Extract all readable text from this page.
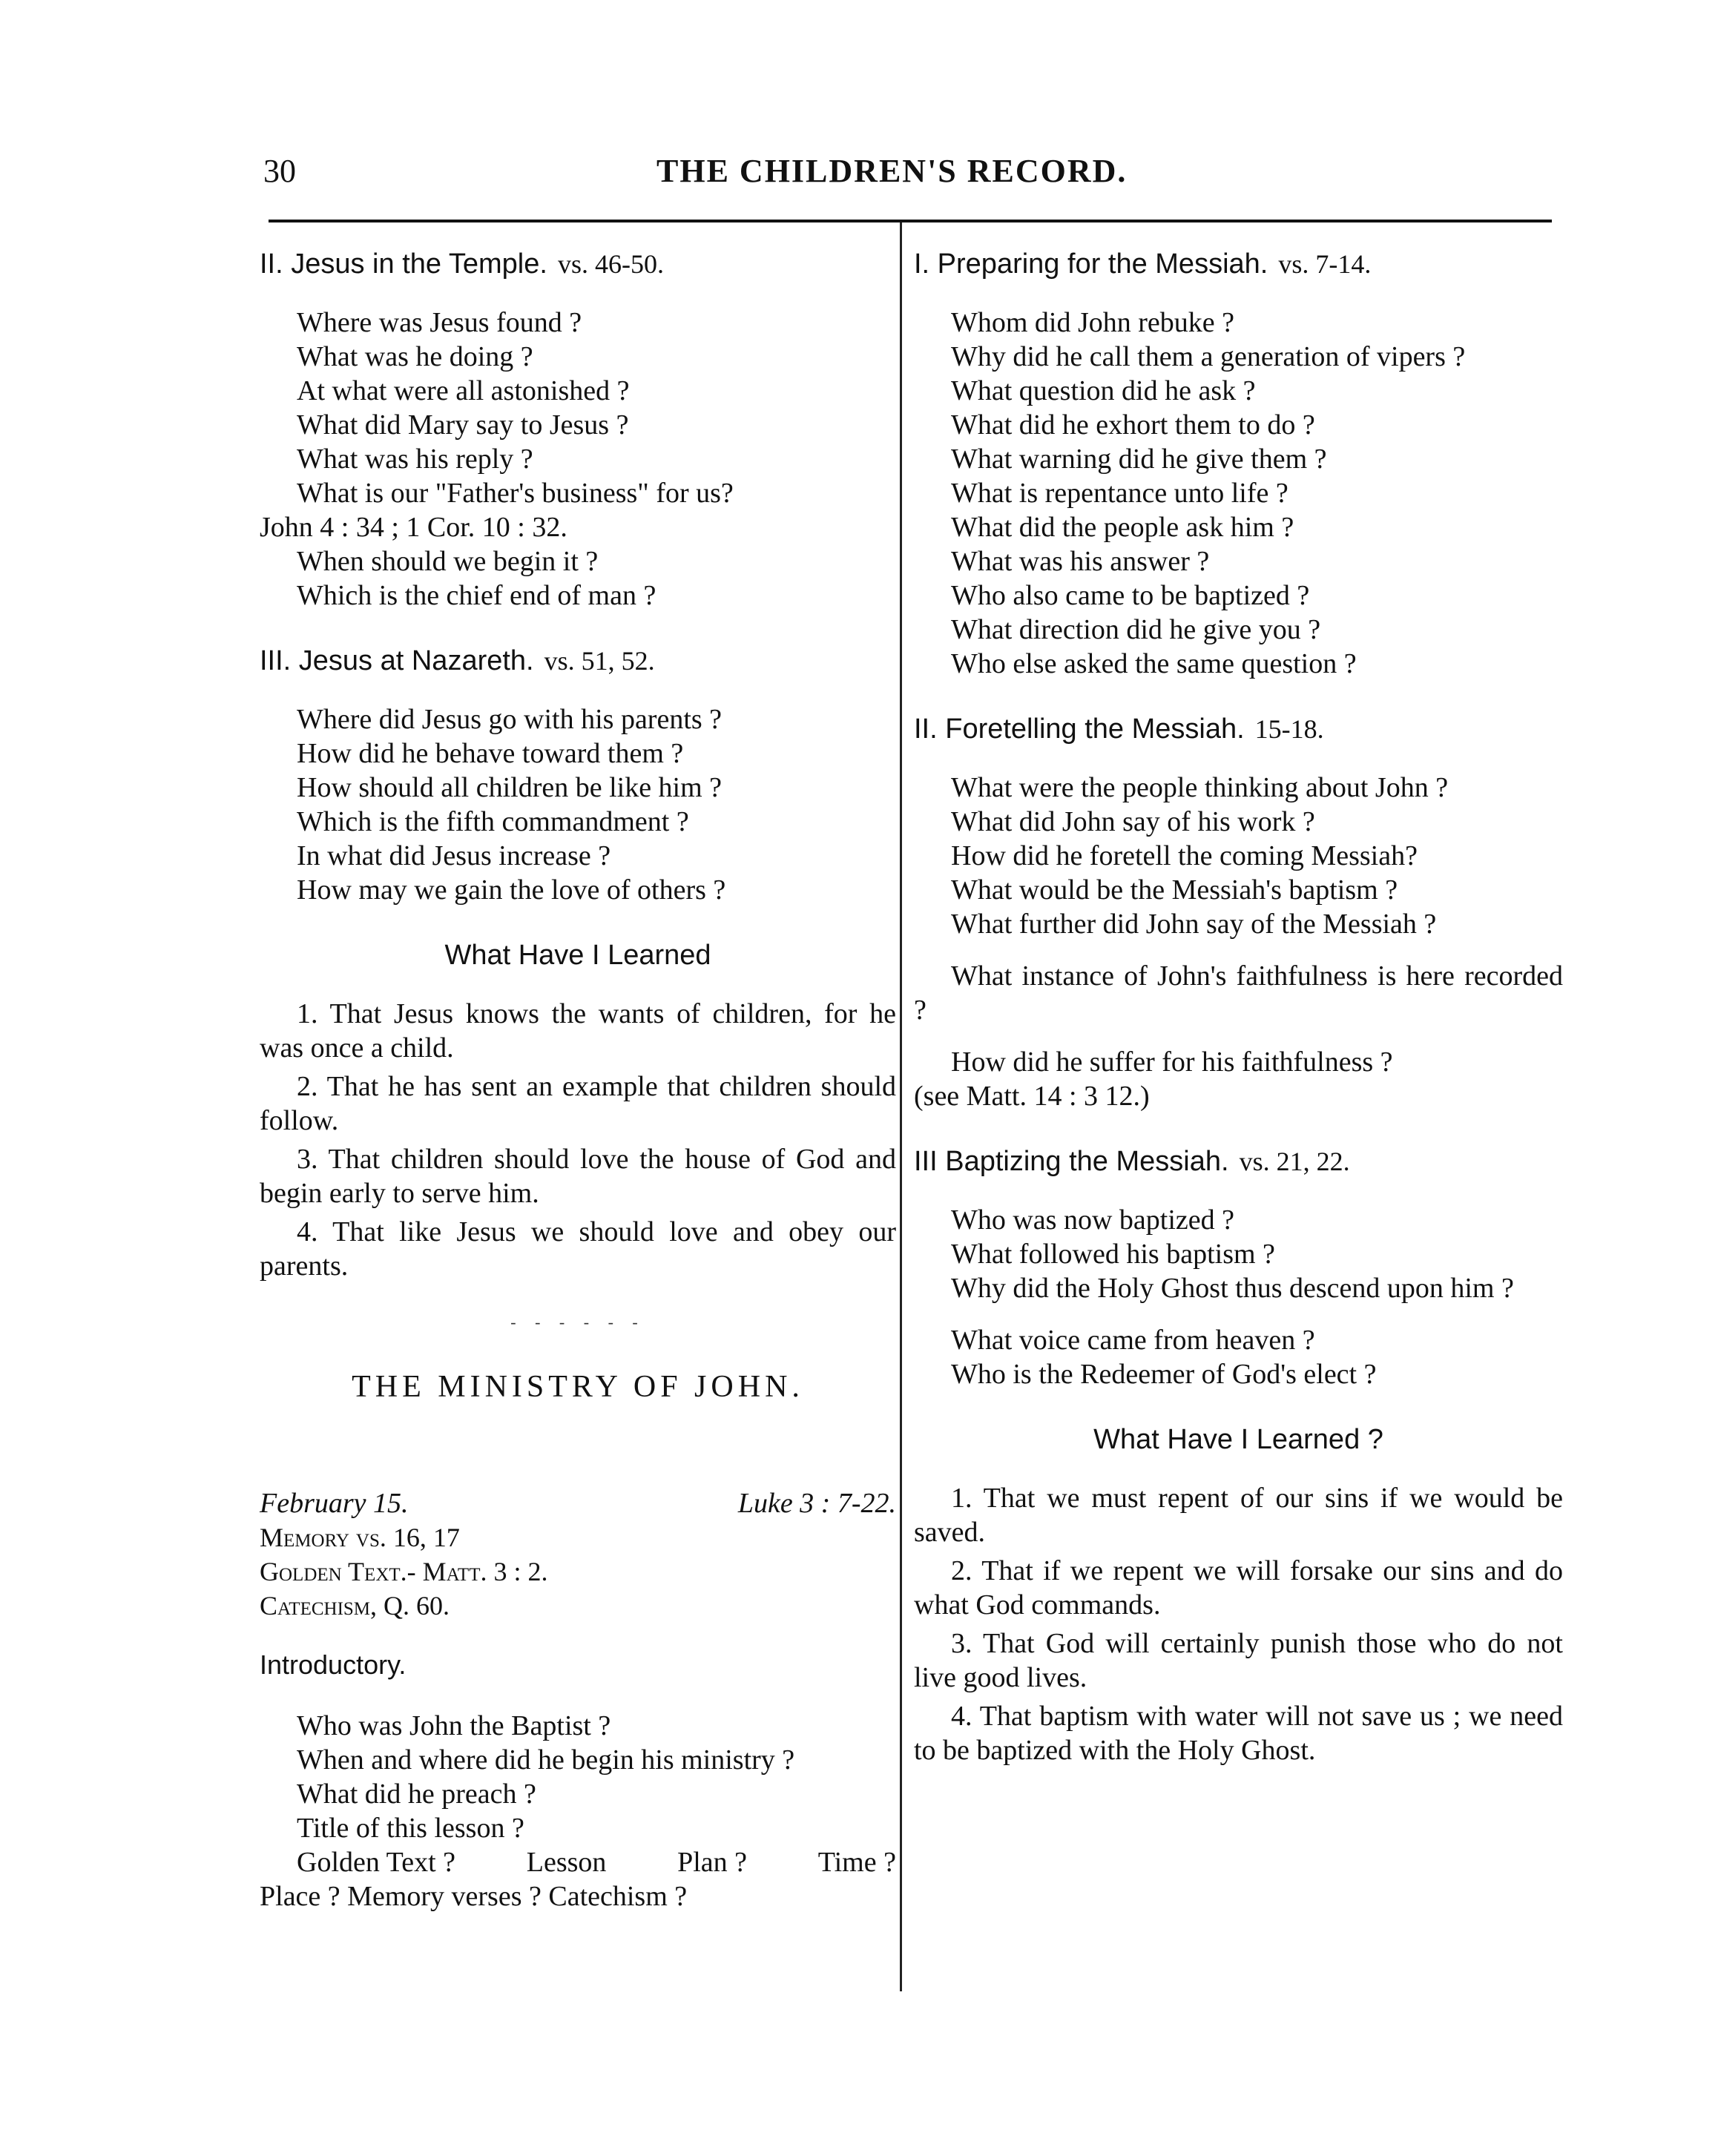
30	THE CHILDREN'S RECORD.
II. Jesus in the Temple. vs. 46-50.

Where was Jesus found ?

What was he doing ?

At what were all astonished ?

What did Mary say to Jesus ?

What was his reply ?

What is our "Father's business" for us?

John 4 : 34 ; 1 Cor. 10 : 32.

When should we begin it ?

Which is the chief end of man ?

III. Jesus at Nazareth. vs. 51, 52.

Where did Jesus go with his parents ?

How did he behave toward them ?

How should all children be like him ?

Which is the fifth commandment ?

In what did Jesus increase ?

How may we gain the love of others ?

What Have I Learned

1. That Jesus knows the wants of children, for he was once a child.

2. That he has sent an example that children should follow.

3. That children should love the house of God and begin early to serve him.

4. That like Jesus we should love and obey our parents.

- - - - - -
THE MINISTRY OF JOHN.
February 15.	Luke 3 : 7-22.
Memory vs. 16, 17
Golden Text.- Matt. 3 : 2.
Catechism, Q. 60.
Introductory.

Who was John the Baptist ?

When and where did he begin his ministry ?

What did he preach ?

Title of this lesson ?

Golden Text ?	Lesson	Plan ?	Time ?

Place ? Memory verses ? Catechism ?

I. Preparing for the Messiah. vs. 7-14.

Whom did John rebuke ?

Why did he call them a generation of vipers ?

What question did he ask ?

What did he exhort them to do ?

What warning did he give them ?

What is repentance unto life ?

What did the people ask him ?

What was his answer ?

Who also came to be baptized ?

What direction did he give you ?

Who else asked the same question ?

II. Foretelling the Messiah. 15-18.

What were the people thinking about John ?

What did John say of his work ?

How did he foretell the coming Messiah?

What would be the Messiah's baptism ?

What further did John say of the Messiah ?

What instance of John's faithfulness is here recorded ?

How did he suffer for his faithfulness ?

(see Matt. 14 : 3 12.)

III Baptizing the Messiah. vs. 21, 22.

Who was now baptized ?

What followed his baptism ?

Why did the Holy Ghost thus descend upon him ?

What voice came from heaven ?

Who is the Redeemer of God's elect ?

What Have I Learned ?

1. That we must repent of our sins if we would be saved.

2. That if we repent we will forsake our sins and do what God commands.

3. That God will certainly punish those who do not live good lives.

4. That baptism with water will not save us ; we need to be baptized with the Holy Ghost.
